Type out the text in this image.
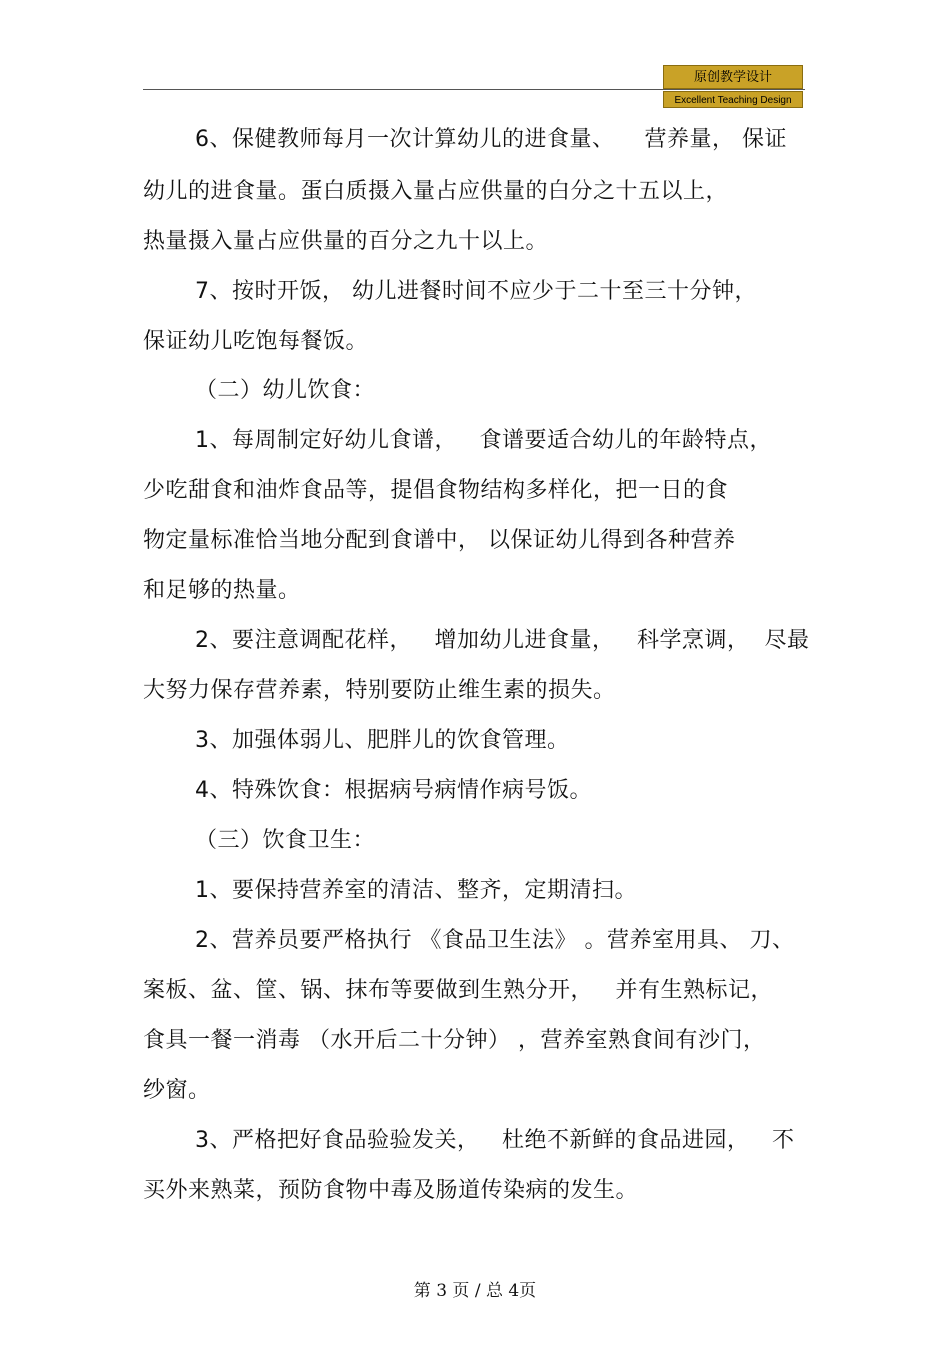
原创教学设计
Excellent Teaching Design
6、保健教师每月一次计算幼儿的进食量、    营养量， 保证
幼儿的进食量。蛋白质摄入量占应供量的白分之十五以上，
热量摄入量占应供量的百分之九十以上。
7、按时开饭， 幼儿进餐时间不应少于二十至三十分钟，
保证幼儿吃饱每餐饭。
（二）幼儿饮食：
1、每周制定好幼儿食谱，   食谱要适合幼儿的年龄特点，
少吃甜食和油炸食品等，提倡食物结构多样化，把一日的食
物定量标准恰当地分配到食谱中， 以保证幼儿得到各种营养
和足够的热量。
2、要注意调配花样，   增加幼儿进食量，   科学烹调，  尽最
大努力保存营养素，特别要防止维生素的损失。
3、加强体弱儿、肥胖儿的饮食管理。
4、特殊饮食：根据病号病情作病号饭。
（三）饮食卫生：
1、要保持营养室的清洁、整齐，定期清扫。
2、营养员要严格执行 《食品卫生法》 。营养室用具、 刀、
案板、盆、筐、锅、抹布等要做到生熟分开，   并有生熟标记，
食具一餐一消毒 （水开后二十分钟） ，营养室熟食间有沙门，
纱窗。
3、严格把好食品验验发关，   杜绝不新鲜的食品进园，   不
买外来熟菜，预防食物中毒及肠道传染病的发生。
第 3 页 / 总 4页
